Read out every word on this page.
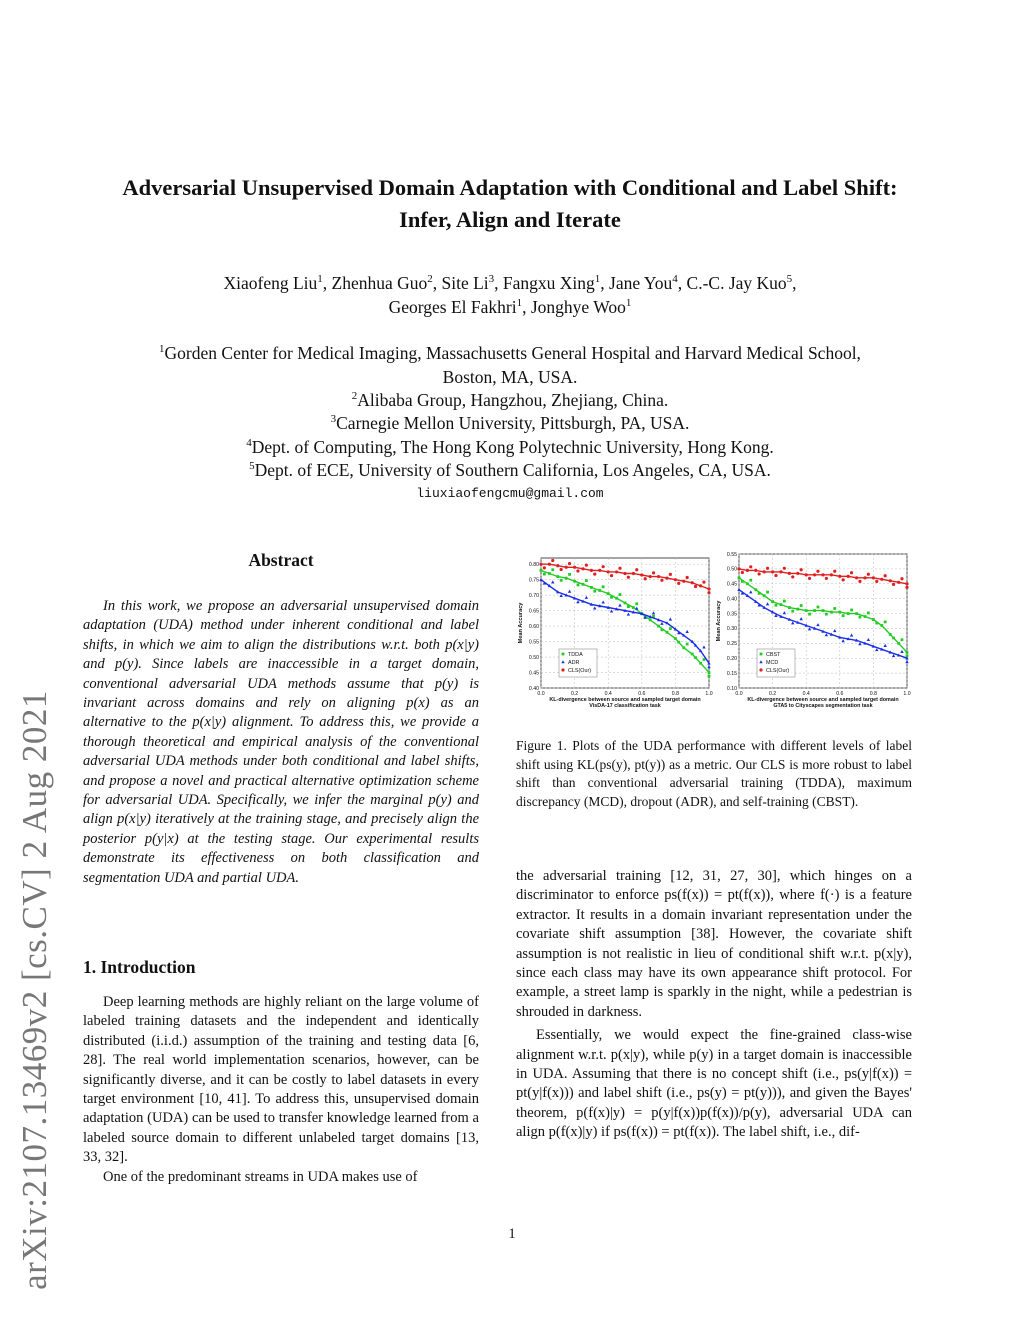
arXiv:2107.13469v2 [cs.CV] 2 Aug 2021
Adversarial Unsupervised Domain Adaptation with Conditional and Label Shift:
Infer, Align and Iterate
Xiaofeng Liu$^1$, Zhenhua Guo$^2$, Site Li$^3$, Fangxu Xing$^1$, Jane You$^4$, C.-C. Jay Kuo$^5$,
Georges El Fakhri$^1$, Jonghye Woo$^1$
$^1$Gorden Center for Medical Imaging, Massachusetts General Hospital and Harvard Medical School,
Boston, MA, USA.
$^2$Alibaba Group, Hangzhou, Zhejiang, China.
$^3$Carnegie Mellon University, Pittsburgh, PA, USA.
$^4$Dept. of Computing, The Hong Kong Polytechnic University, Hong Kong.
$^5$Dept. of ECE, University of Southern California, Los Angeles, CA, USA.
liuxiaofengcmu@gmail.com
Abstract

In this work, we propose an adversarial unsupervised domain adaptation (UDA) method under inherent conditional and label shifts, in which we aim to align the distributions w.r.t. both p(x|y) and p(y). Since labels are inaccessible in a target domain, conventional adversarial UDA methods assume that p(y) is invariant across domains and rely on aligning p(x) as an alternative to the p(x|y) alignment. To address this, we provide a thorough theoretical and empirical analysis of the conventional adversarial UDA methods under both conditional and label shifts, and propose a novel and practical alternative optimization scheme for adversarial UDA. Specifically, we infer the marginal p(y) and align p(x|y) iteratively at the training stage, and precisely align the posterior p(y|x) at the testing stage. Our experimental results demonstrate its effectiveness on both classification and segmentation UDA and partial UDA.

1. Introduction

Deep learning methods are highly reliant on the large volume of labeled training datasets and the independent and identically distributed (i.i.d.) assumption of the training and testing data [6, 28]. The real world implementation scenarios, however, can be significantly diverse, and it can be costly to label datasets in every target environment [10, 41]. To address this, unsupervised domain adaptation (UDA) can be used to transfer knowledge learned from a labeled source domain to different unlabeled target domains [13, 33, 32].

One of the predominant streams in UDA makes use of

0.0	0.2	0.4	0.6	0.8	1.0
0.40
0.45
0.50
0.55
0.60
0.65
0.70
0.75
0.80
KL-divergence between source and sampled target domain
VisDA-17 classification task
Mean Accuracy
TDDA
ADR
CLS(Our)
0.0	0.2	0.4	0.6	0.8	1.0
0.10
0.15
0.20
0.25
0.30
0.35
0.40
0.45
0.50
0.55
KL-divergence between source and sampled target domain
GTA5 to Cityscapes segmentation task
Mean Accuracy
CBST
MCD
CLS(Our)
Figure 1. Plots of the UDA performance with different levels of label shift using KL(ps(y), pt(y)) as a metric. Our CLS is more robust to label shift than conventional adversarial training (TDDA), maximum discrepancy (MCD), dropout (ADR), and self-training (CBST).

the adversarial training [12, 31, 27, 30], which hinges on a discriminator to enforce ps(f(x)) = pt(f(x)), where f(·) is a feature extractor. It results in a domain invariant representation under the covariate shift assumption [38]. However, the covariate shift assumption is not realistic in lieu of conditional shift w.r.t. p(x|y), since each class may have its own appearance shift protocol. For example, a street lamp is sparkly in the night, while a pedestrian is shrouded in darkness.

Essentially, we would expect the fine-grained class-wise alignment w.r.t. p(x|y), while p(y) in a target domain is inaccessible in UDA. Assuming that there is no concept shift (i.e., ps(y|f(x)) = pt(y|f(x))) and label shift (i.e., ps(y) = pt(y))), and given the Bayes' theorem, p(f(x)|y) = p(y|f(x))p(f(x))/p(y), adversarial UDA can align p(f(x)|y) if ps(f(x)) = pt(f(x)). The label shift, i.e., dif-

1
